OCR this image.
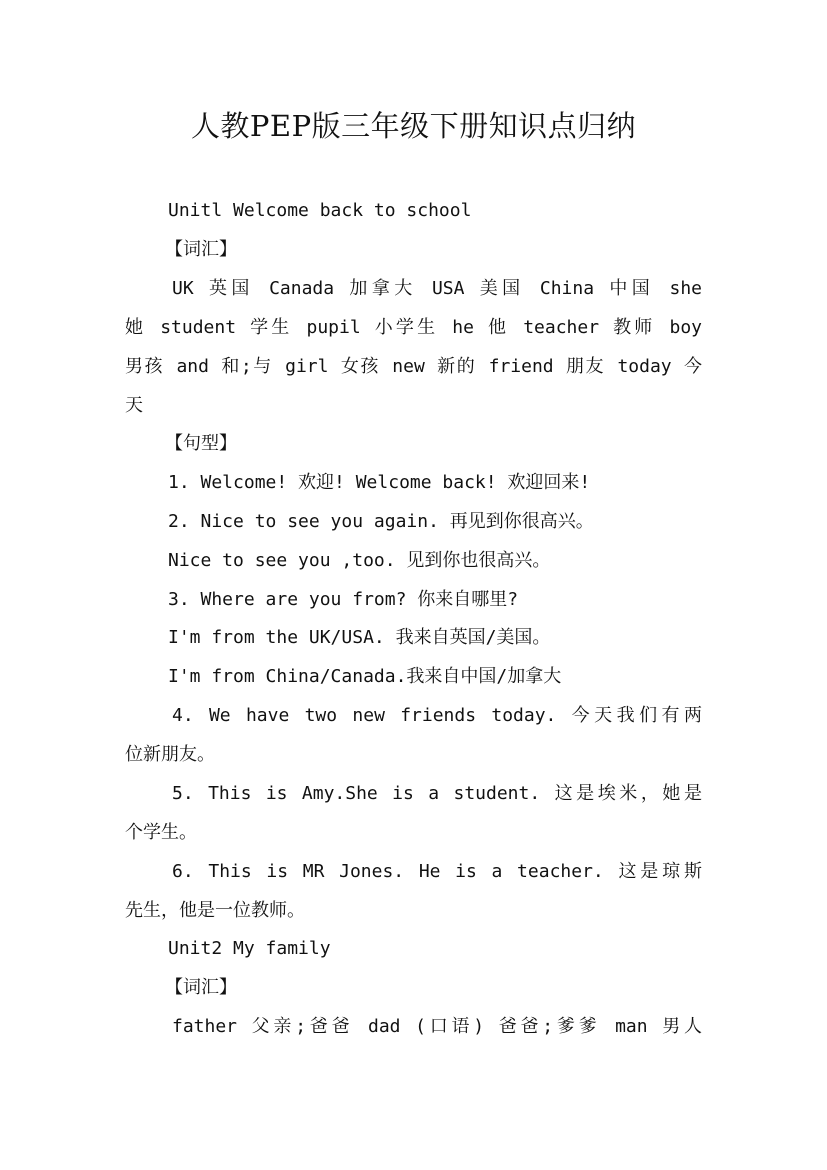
人教PEP版三年级下册知识点归纳

Unitl Welcome back to school

【词汇】

UK 英国 Canada 加拿大 USA 美国 China 中国 she

她 student 学生 pupil 小学生 he 他 teacher 教师 boy

男孩 and 和;与 girl 女孩 new 新的 friend 朋友 today 今

天

【句型】

1. Welcome! 欢迎! Welcome back! 欢迎回来!

2. Nice to see you again. 再见到你很高兴。

Nice to see you ,too. 见到你也很高兴。

3. Where are you from? 你来自哪里?

I'm from the UK/USA. 我来自英国/美国。

I'm from China/Canada.我来自中国/加拿大

4. We have two new friends today. 今天我们有两

位新朋友。

5. This is Amy.She is a student. 这是埃米，她是

个学生。

6. This is MR Jones. He is a teacher. 这是琼斯

先生，他是一位教师。

Unit2 My family

【词汇】

father 父亲;爸爸 dad (口语) 爸爸;爹爹 man 男人
